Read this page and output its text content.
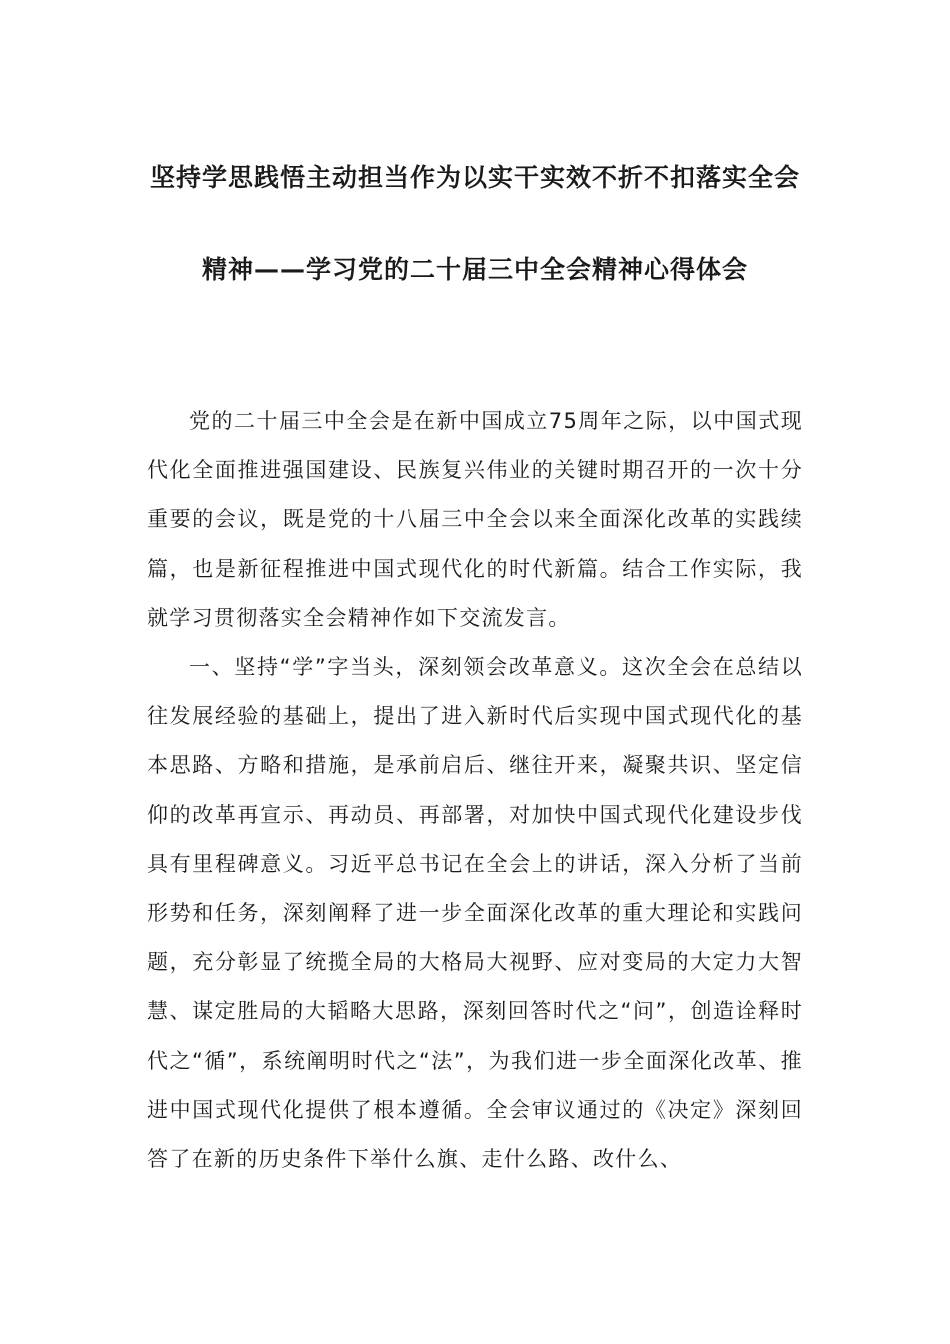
坚持学思践悟主动担当作为以实干实效不折不扣落实全会
精神——学习党的二十届三中全会精神心得体会

党的二十届三中全会是在新中国成立75周年之际，以中国式现代化全面推进强国建设、民族复兴伟业的关键时期召开的一次十分重要的会议，既是党的十八届三中全会以来全面深化改革的实践续篇，也是新征程推进中国式现代化的时代新篇。结合工作实际，我就学习贯彻落实全会精神作如下交流发言。

一、坚持“学”字当头，深刻领会改革意义。这次全会在总结以往发展经验的基础上，提出了进入新时代后实现中国式现代化的基本思路、方略和措施，是承前启后、继往开来，凝聚共识、坚定信仰的改革再宣示、再动员、再部署，对加快中国式现代化建设步伐具有里程碑意义。习近平总书记在全会上的讲话，深入分析了当前形势和任务，深刻阐释了进一步全面深化改革的重大理论和实践问题，充分彰显了统揽全局的大格局大视野、应对变局的大定力大智慧、谋定胜局的大韬略大思路，深刻回答时代之“问”，创造诠释时代之“循”，系统阐明时代之“法”，为我们进一步全面深化改革、推进中国式现代化提供了根本遵循。全会审议通过的《决定》深刻回答了在新的历史条件下举什么旗、走什么路、改什么、
